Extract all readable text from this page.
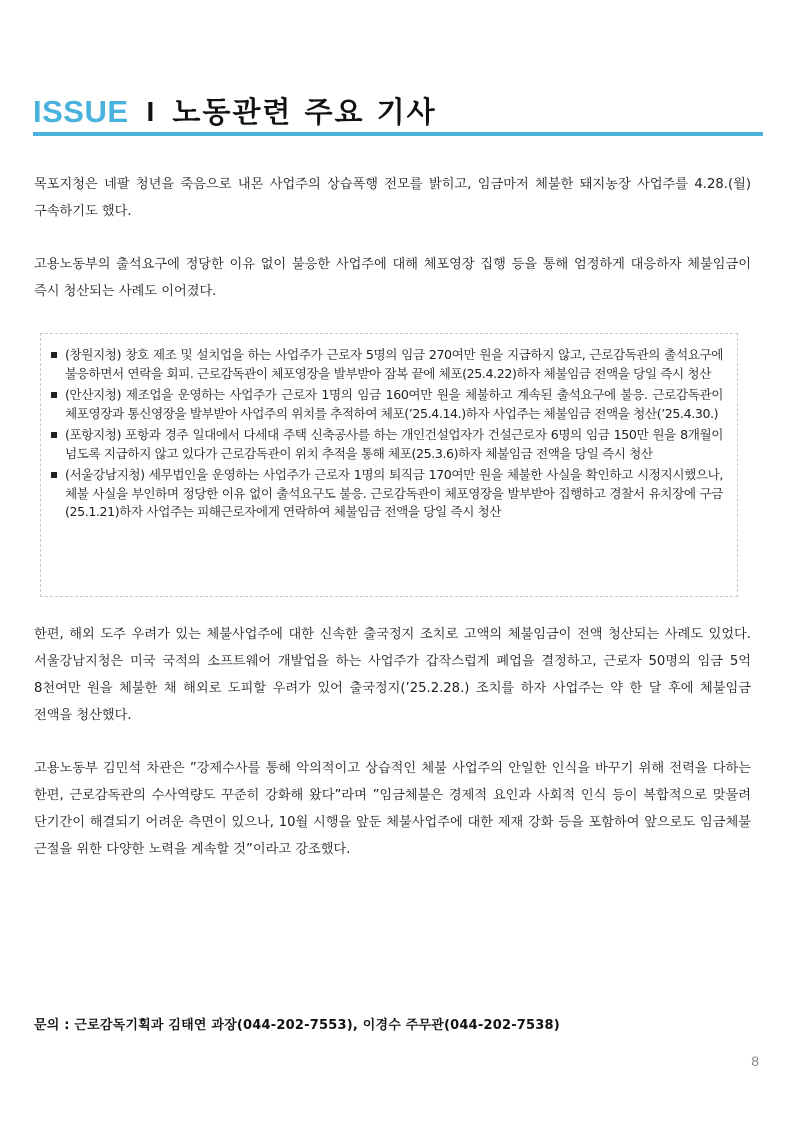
ISSUE I 노동관련 주요 기사

목포지청은 네팔 청년을 죽음으로 내몬 사업주의 상습폭행 전모를 밝히고, 임금마저 체불한 돼지농장 사업주를 4.28.(월) 구속하기도 했다.

고용노동부의 출석요구에 정당한 이유 없이 불응한 사업주에 대해 체포영장 집행 등을 통해 엄정하게 대응하자 체불임금이 즉시 청산되는 사례도 이어졌다.

(창원지청) 창호 제조 및 설치업을 하는 사업주가 근로자 5명의 임금 270여만 원을 지급하지 않고, 근로감독관의 출석요구에 불응하면서 연락을 회피. 근로감독관이 체포영장을 발부받아 잠복 끝에 체포(25.4.22)하자 체불임금 전액을 당일 즉시 청산
(안산지청) 제조업을 운영하는 사업주가 근로자 1명의 임금 160여만 원을 체불하고 계속된 출석요구에 불응. 근로감독관이 체포영장과 통신영장을 발부받아 사업주의 위치를 추적하여 체포(’25.4.14.)하자 사업주는 체불임금 전액을 청산(’25.4.30.)
(포항지청) 포항과 경주 일대에서 다세대 주택 신축공사를 하는 개인건설업자가 건설근로자 6명의 임금 150만 원을 8개월이 넘도록 지급하지 않고 있다가 근로감독관이 위치 추적을 통해 체포(25.3.6)하자 체불임금 전액을 당일 즉시 청산
(서울강남지청) 세무법인을 운영하는 사업주가 근로자 1명의 퇴직금 170여만 원을 체불한 사실을 확인하고 시정지시했으나, 체불 사실을 부인하며 정당한 이유 없이 출석요구도 불응. 근로감독관이 체포영장을 발부받아 집행하고 경찰서 유치장에 구금(25.1.21)하자 사업주는 피해근로자에게 연락하여 체불임금 전액을 당일 즉시 청산

한편, 해외 도주 우려가 있는 체불사업주에 대한 신속한 출국정지 조치로 고액의 체불임금이 전액 청산되는 사례도 있었다. 서울강남지청은 미국 국적의 소프트웨어 개발업을 하는 사업주가 갑작스럽게 폐업을 결정하고, 근로자 50명의 임금 5억 8천여만 원을 체불한 채 해외로 도피할 우려가 있어 출국정지(’25.2.28.) 조치를 하자 사업주는 약 한 달 후에 체불임금 전액을 청산했다.

고용노동부 김민석 차관은 ”강제수사를 통해 악의적이고 상습적인 체불 사업주의 안일한 인식을 바꾸기 위해 전력을 다하는 한편, 근로감독관의 수사역량도 꾸준히 강화해 왔다”라며 ”임금체불은 경제적 요인과 사회적 인식 등이 복합적으로 맞물려 단기간이 해결되기 어려운 측면이 있으나, 10월 시행을 앞둔 체불사업주에 대한 제재 강화 등을 포함하여 앞으로도 임금체불 근절을 위한 다양한 노력을 계속할 것”이라고 강조했다.

문의 : 근로감독기획과 김태연 과장(044-202-7553), 이경수 주무관(044-202-7538)
8
